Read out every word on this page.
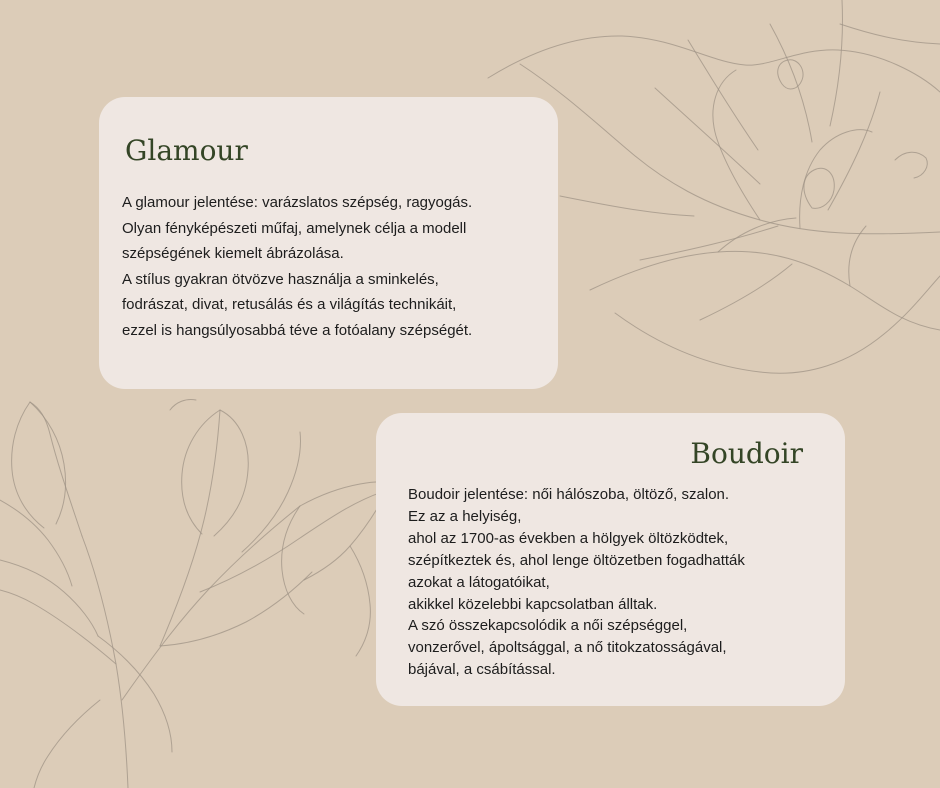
Glamour
A glamour jelentése: varázslatos szépség, ragyogás.
Olyan fényképészeti műfaj, amelynek célja a modell
szépségének kiemelt ábrázolása.
A stílus gyakran ötvözve használja a sminkelés,
fodrászat, divat, retusálás és a világítás technikáit,
ezzel is hangsúlyosabbá téve a fotóalany szépségét.
Boudoir
Boudoir jelentése: női hálószoba, öltöző, szalon.
Ez az a helyiség,
ahol az 1700-as években a hölgyek öltözködtek,
szépítkeztek és, ahol lenge öltözetben fogadhatták
azokat a látogatóikat,
akikkel közelebbi kapcsolatban álltak.
A szó összekapcsolódik a női szépséggel,
vonzerővel, ápoltsággal, a nő titokzatosságával,
bájával, a csábítással.
